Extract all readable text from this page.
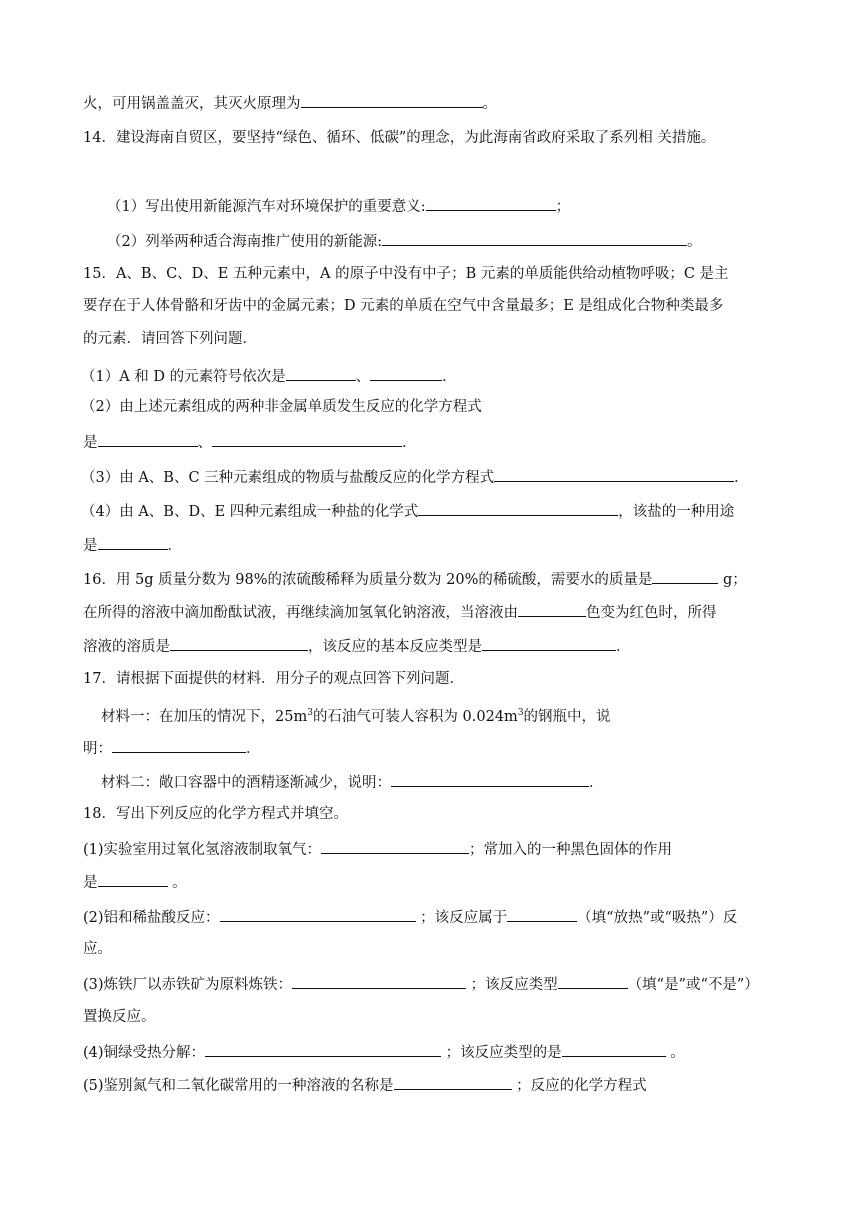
火，可用锅盖盖灭，其灭火原理为	。
14．建设海南自贸区，要坚持“绿色、循环、低碳”的理念，为此海南省政府采取了系列相 关措施。
（1）写出使用新能源汽车对环境保护的重要意义:	；
（2）列举两种适合海南推广使用的新能源:	。
15．A、B、C、D、E 五种元素中，A 的原子中没有中子；B 元素的单质能供给动植物呼吸；C 是主
要存在于人体骨骼和牙齿中的金属元素；D 元素的单质在空气中含量最多；E 是组成化合物种类最多
的元素．请回答下列问题．
（1）A 和 D 的元素符号依次是	、	．
（2）由上述元素组成的两种非金属单质发生反应的化学方程式
是	、	．
（3）由 A、B、C 三种元素组成的物质与盐酸反应的化学方程式	．
（4）由 A、B、D、E 四种元素组成一种盐的化学式	，该盐的一种用途
是	．
16．用 5g 质量分数为 98%的浓硫酸稀释为质量分数为 20%的稀硫酸，需要水的质量是	g；
在所得的溶液中滴加酚酞试液，再继续滴加氢氧化钠溶液，当溶液由	色变为红色时，所得
溶液的溶质是	，该反应的基本反应类型是	．
17．请根据下面提供的材料．用分子的观点回答下列问题．
材料一：在加压的情况下，$25m^3$的石油气可装人容积为 $0.024m^3$的钢瓶中，说
明：	．
材料二：敞口容器中的酒精逐渐减少，说明：	．
18．写出下列反应的化学方程式并填空。
(1)实验室用过氧化氢溶液制取氧气：	；常加入的一种黑色固体的作用
是	。
(2)铝和稀盐酸反应：	；该反应属于	（填“放热”或“吸热”）反
应。
(3)炼铁厂以赤铁矿为原料炼铁：	；该反应类型	（填“是”或“不是”）
置换反应。
(4)铜绿受热分解：	；该反应类型的是	。
(5)鉴别氮气和二氧化碳常用的一种溶液的名称是	；反应的化学方程式
